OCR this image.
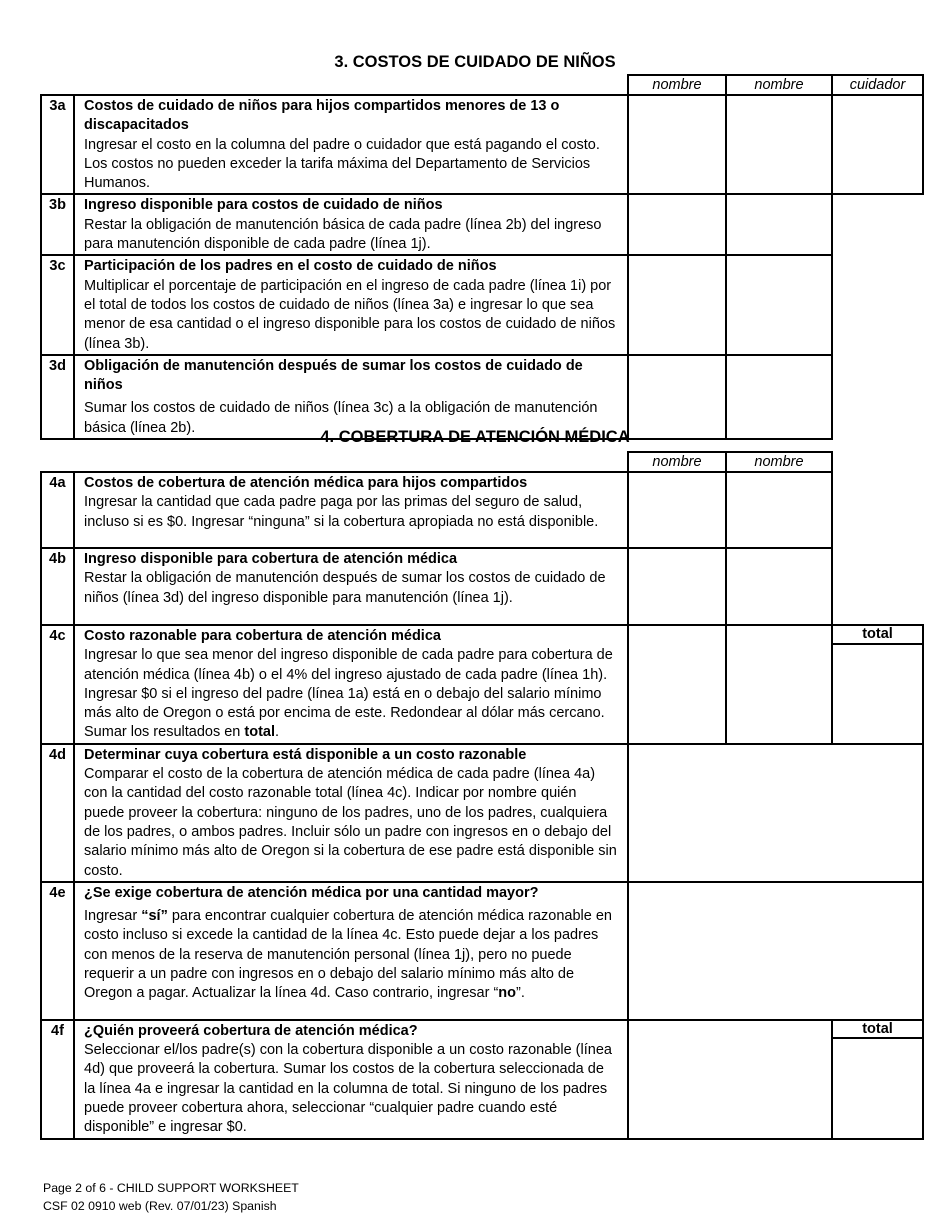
3. COSTOS DE CUIDADO DE NIÑOS
		nombre	nombre	cuidador
3a	Costos de cuidado de niños para hijos compartidos menores de 13 o discapacitados
Ingresar el costo en la columna del padre o cuidador que está pagando el costo. Los costos no pueden exceder la tarifa máxima del Departamento de Servicios Humanos.			

3b	Ingreso disponible para costos de cuidado de niños
Restar la obligación de manutención básica de cada padre (línea 2b) del ingreso para manutención disponible de cada padre (línea 1j).			

3c	Participación de los padres en el costo de cuidado de niños
Multiplicar el porcentaje de participación en el ingreso de cada padre (línea 1i) por el total de todos los costos de cuidado de niños (línea 3a) e ingresar lo que sea menor de esa cantidad o el ingreso disponible para los costos de cuidado de niños (línea 3b).			

3d	Obligación de manutención después de sumar los costos de cuidado de niños
Sumar los costos de cuidado de niños (línea 3c) a la obligación de manutención básica (línea 2b).			

4. COBERTURA DE ATENCIÓN MÉDICA
		nombre	nombre	
4a	Costos de cobertura de atención médica para hijos compartidos
Ingresar la cantidad que cada padre paga por las primas del seguro de salud, incluso si es $0. Ingresar “ninguna” si la cobertura apropiada no está disponible.			

4b	Ingreso disponible para cobertura de atención médica
Restar la obligación de manutención después de sumar los costos de cuidado de niños (línea 3d) del ingreso disponible para manutención (línea 1j).			

4c	Costo razonable para cobertura de atención médica
Ingresar lo que sea menor del ingreso disponible de cada padre para cobertura de atención médica (línea 4b) o el 4% del ingreso ajustado de cada padre (línea 1h). Ingresar $0 si el ingreso del padre (línea 1a) está en o debajo del salario mínimo más alto de Oregon o está por encima de este. Redondear al dólar más cercano. Sumar los resultados en total.			total

4d	Determinar cuya cobertura está disponible a un costo razonable
Comparar el costo de la cobertura de atención médica de cada padre (línea 4a) con la cantidad del costo razonable total (línea 4c). Indicar por nombre quién puede proveer la cobertura: ninguno de los padres, uno de los padres, cualquiera de los padres, o ambos padres. Incluir sólo un padre con ingresos en o debajo del salario mínimo más alto de Oregon si la cobertura de ese padre está disponible sin costo.			

4e	¿Se exige cobertura de atención médica por una cantidad mayor?
Ingresar “sí” para encontrar cualquier cobertura de atención médica razonable en costo incluso si excede la cantidad de la línea 4c. Esto puede dejar a los padres con menos de la reserva de manutención personal (línea 1j), pero no puede requerir a un padre con ingresos en o debajo del salario mínimo más alto de Oregon a pagar. Actualizar la línea 4d. Caso contrario, ingresar “no”.			

4f	¿Quién proveerá cobertura de atención médica?
Seleccionar el/los padre(s) con la cobertura disponible a un costo razonable (línea 4d) que proveerá la cobertura. Sumar los costos de la cobertura seleccionada de la línea 4a e ingresar la cantidad en la columna de total. Si ninguno de los padres puede proveer cobertura ahora, seleccionar “cualquier padre cuando esté disponible” e ingresar $0.			total

Page 2 of 6 - CHILD SUPPORT WORKSHEET
CSF 02 0910 web (Rev. 07/01/23) Spanish
